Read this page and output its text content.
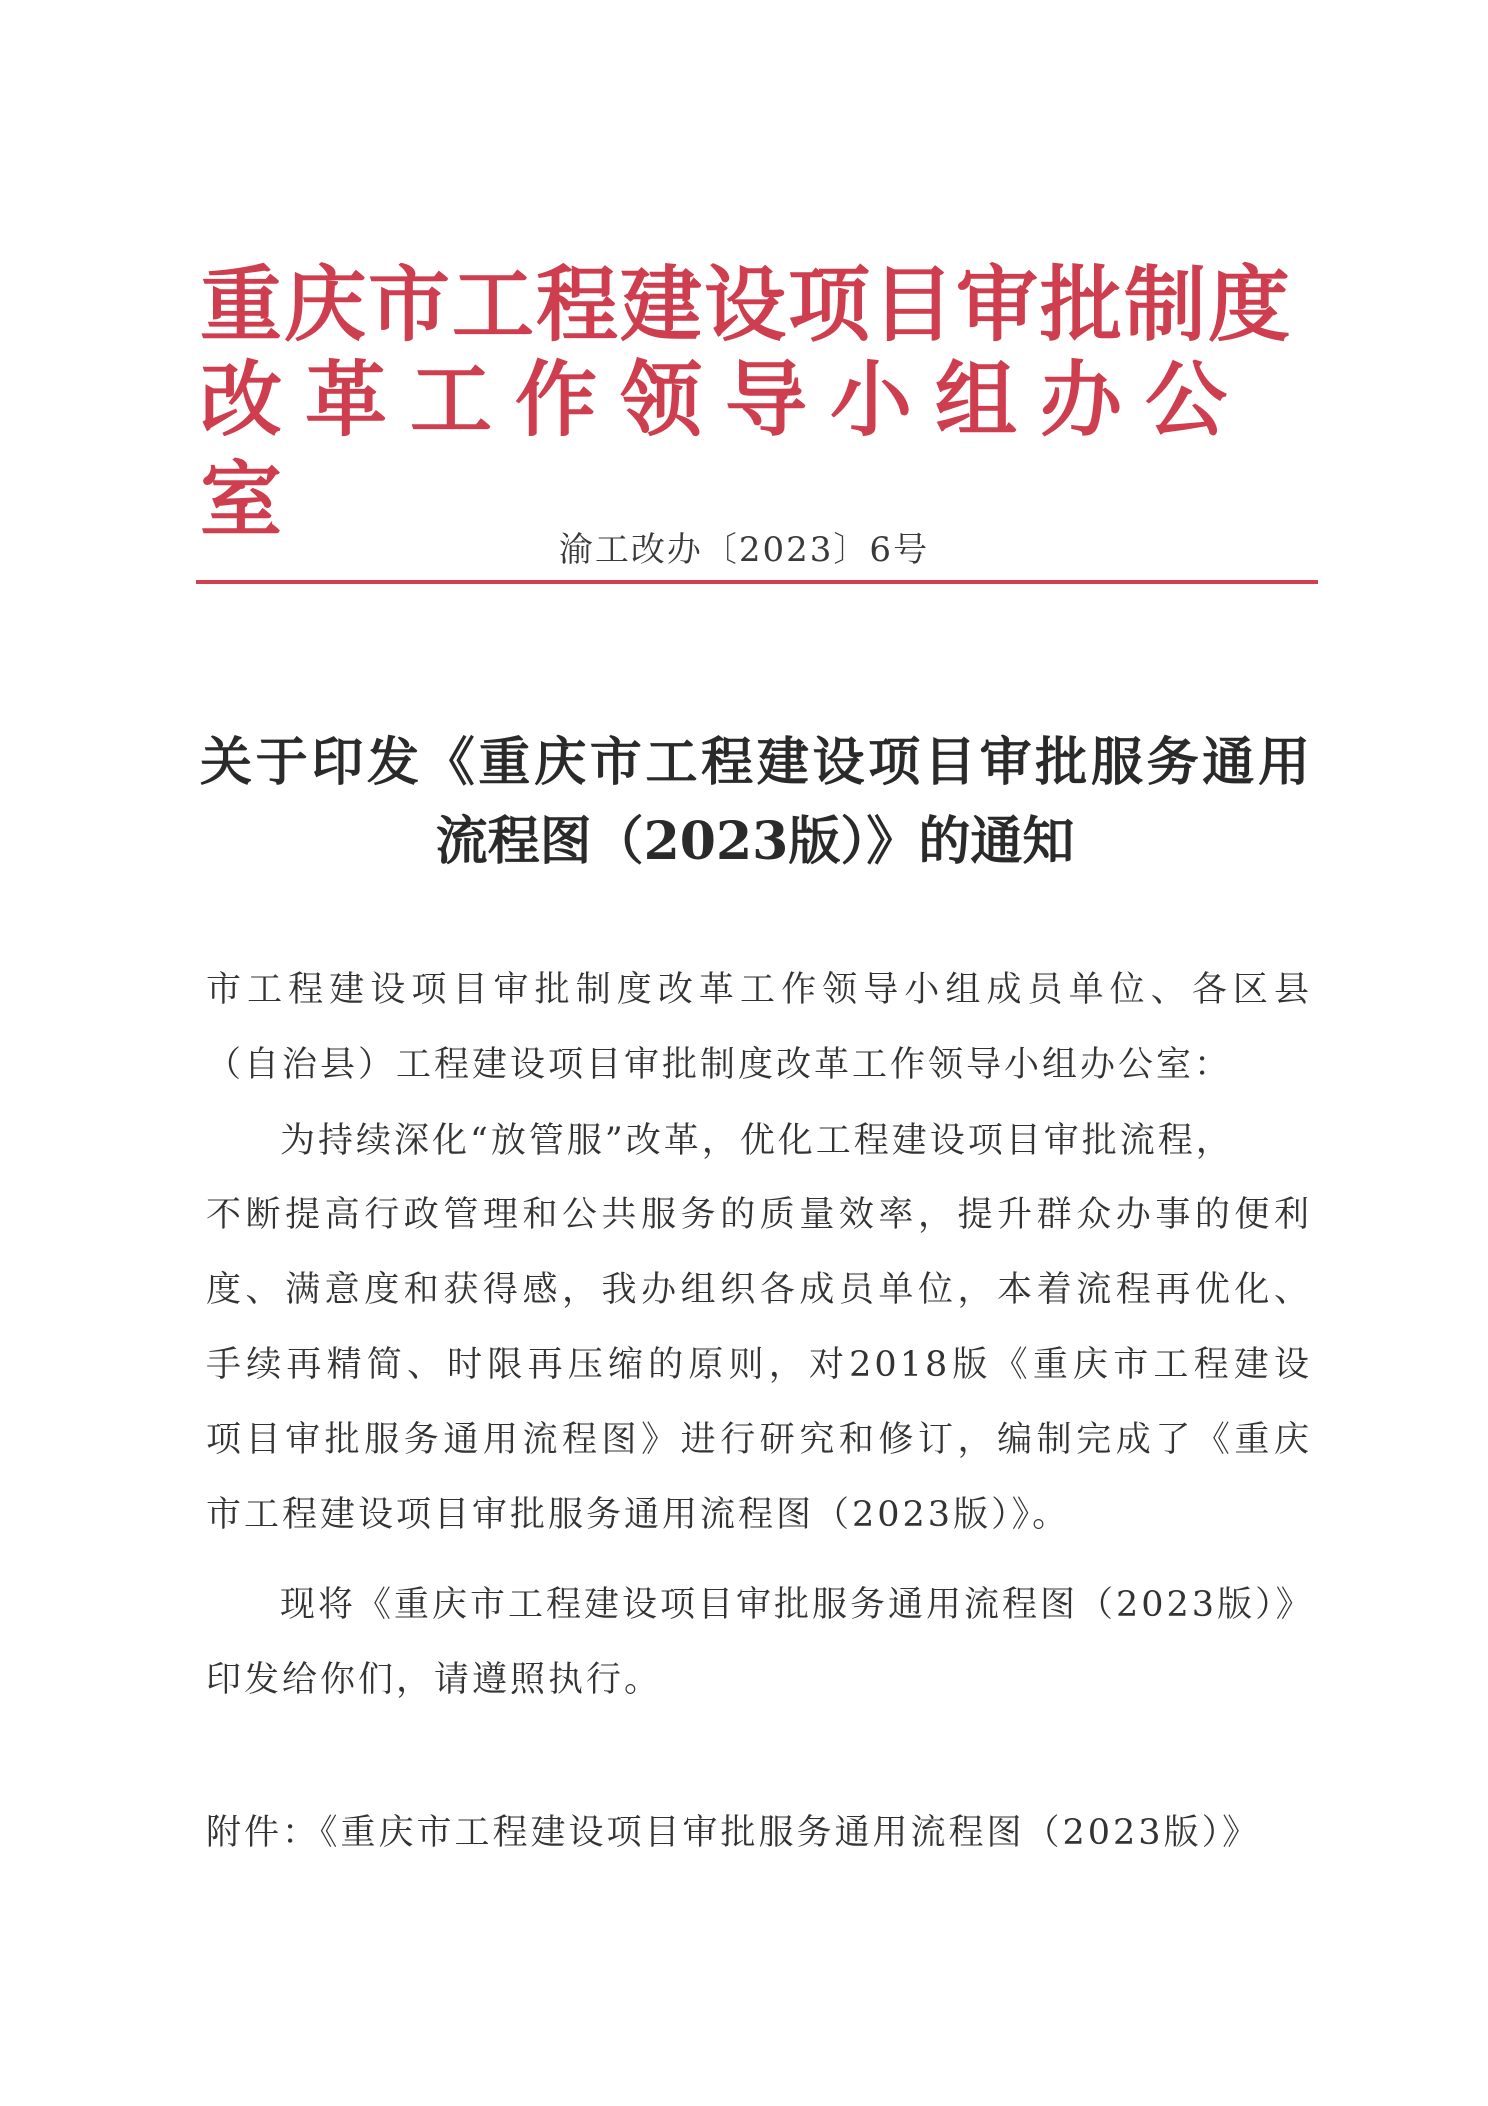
重庆市工程建设项目审批制度
改革工作领导小组办公室
渝工改办〔2023〕6号
关于印发《重庆市工程建设项目审批服务通用
流程图（2023版）》的通知
市工程建设项目审批制度改革工作领导小组成员单位、各区县
（自治县）工程建设项目审批制度改革工作领导小组办公室：
为持续深化“放管服”改革，优化工程建设项目审批流程，
不断提高行政管理和公共服务的质量效率，提升群众办事的便利
度、满意度和获得感，我办组织各成员单位，本着流程再优化、
手续再精简、时限再压缩的原则，对2018版《重庆市工程建设
项目审批服务通用流程图》进行研究和修订，编制完成了《重庆
市工程建设项目审批服务通用流程图（2023版）》。
现将《重庆市工程建设项目审批服务通用流程图（2023版）》
印发给你们，请遵照执行。
附件：《重庆市工程建设项目审批服务通用流程图（2023版）》
